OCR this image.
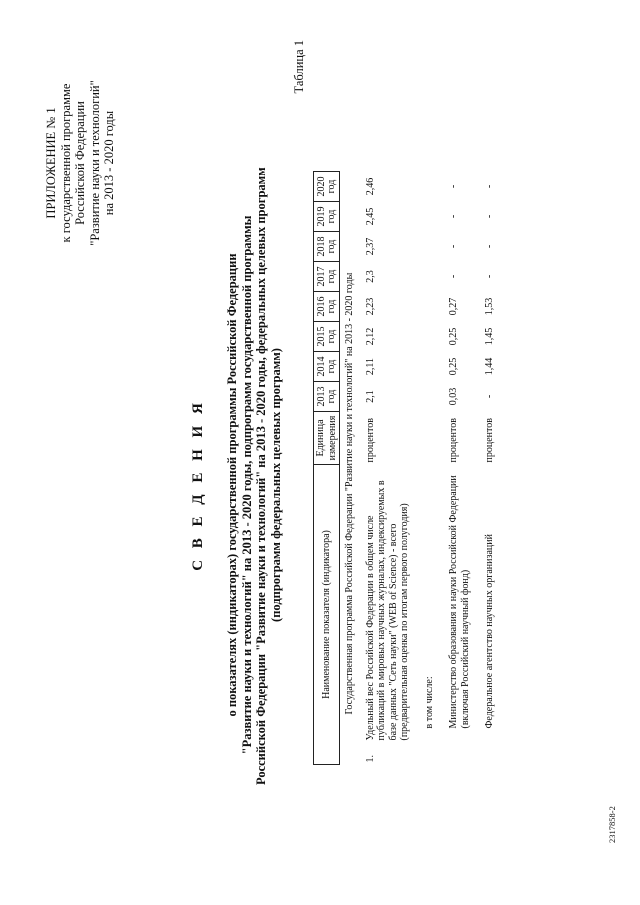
ПРИЛОЖЕНИЕ № 1 к государственной программе Российской Федерации "Развитие науки и технологий" на 2013 - 2020 годы
С В Е Д Е Н И Я о показателях (индикаторах) государственной программы Российской Федерации "Развитие науки и технологий" на 2013 - 2020 годы, подпрограмм государственной программы Российской Федерации "Развитие науки и технологий" на 2013 - 2020 годы, федеральных целевых программ (подпрограмм федеральных целевых программ)
Таблица 1
Наименование показателя (индикатора)		Единица измерения	2013 год	2014 год	2015 год	2016 год	2017 год	2018 год	2019 год	2020 год
Государственная программа Российской Федерации "Развитие науки и технологий" на 2013 - 2020 годы										
1.	Удельный вес Российской Федерации в общем числе публикаций в мировых научных журналах, индексируемых в базе данных "Сеть науки" (WEB of Science) - всего (предварительная оценка по итогам первого полугодия)	процентов	2,1	2,11	2,12	2,23	2,3	2,37	2,45	2,46
	в том числе:									
	Министерство образования и науки Российской Федерации (включая Российский научный фонд)	процентов	0,03	0,25	0,25	0,27	-	-	-	-
	Федеральное агентство научных организаций	процентов	-	1,44	1,45	1,53	-	-	-	-
2317858-2
